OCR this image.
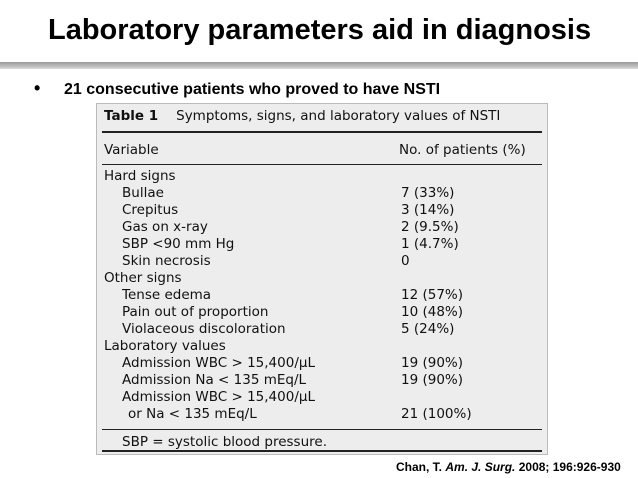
Laboratory parameters aid in diagnosis
• 21 consecutive patients who proved to have NSTI
Table 1 Symptoms, signs, and laboratory values of NSTI
Variable	No. of patients (%)
Hard signs
Bullae	7 (33%)
Crepitus	3 (14%)
Gas on x-ray	2 (9.5%)
SBP <90 mm Hg	1 (4.7%)
Skin necrosis	0
Other signs
Tense edema	12 (57%)
Pain out of proportion	10 (48%)
Violaceous discoloration	5 (24%)
Laboratory values
Admission WBC > 15,400/μL	19 (90%)
Admission Na < 135 mEq/L	19 (90%)
Admission WBC > 15,400/μL
or Na < 135 mEq/L	21 (100%)
SBP = systolic blood pressure.
Chan, T. Am. J. Surg. 2008; 196:926-930
